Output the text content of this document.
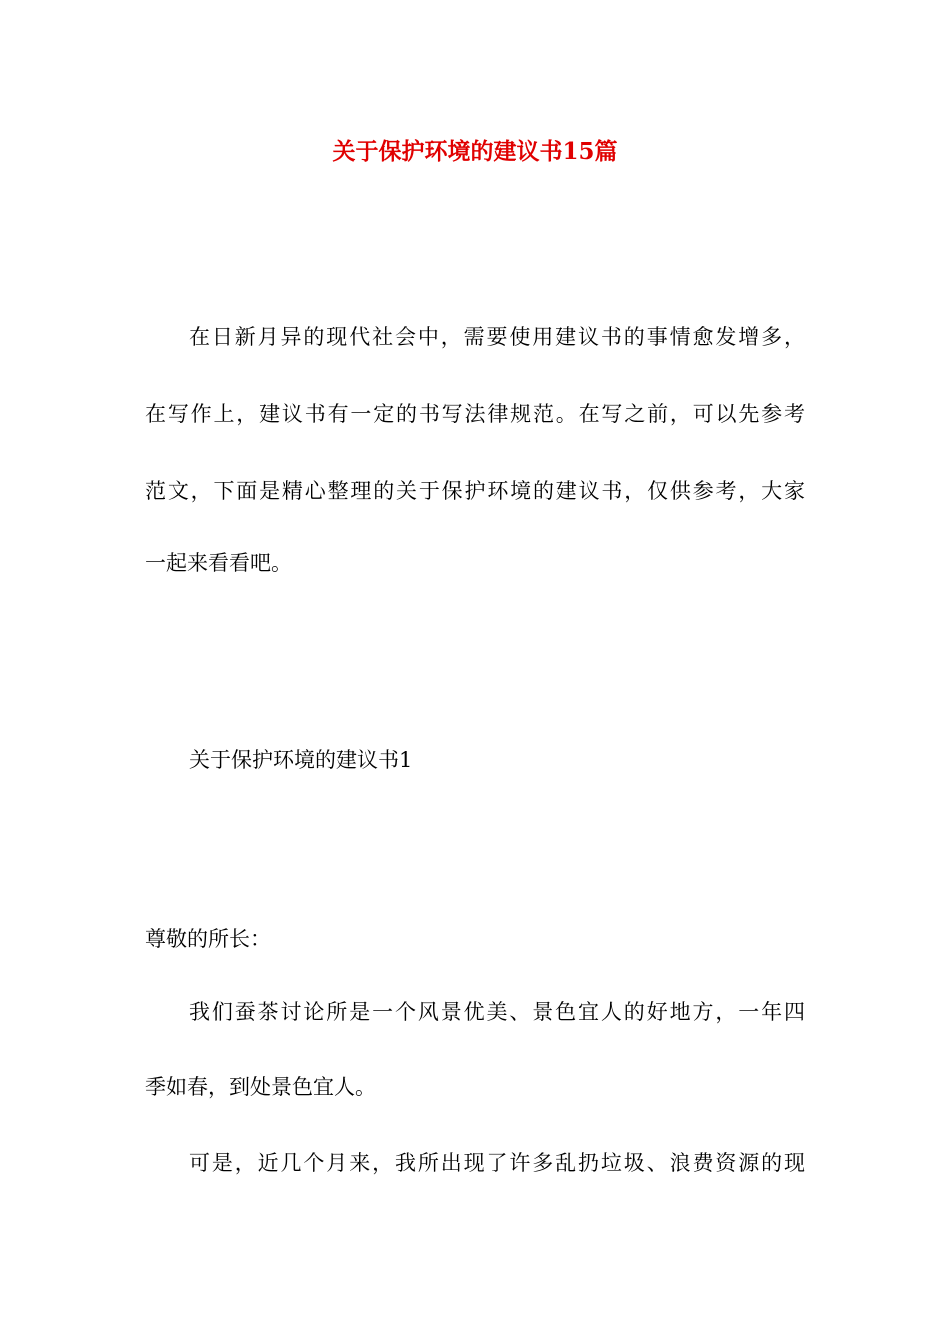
关于保护环境的建议书15篇
在日新月异的现代社会中，需要使用建议书的事情愈发增多，
在写作上，建议书有一定的书写法律规范。在写之前，可以先参考
范文，下面是精心整理的关于保护环境的建议书，仅供参考，大家
一起来看看吧。
关于保护环境的建议书1
尊敬的所长：
我们蚕茶讨论所是一个风景优美、景色宜人的好地方，一年四
季如春，到处景色宜人。
可是，近几个月来，我所出现了许多乱扔垃圾、浪费资源的现
